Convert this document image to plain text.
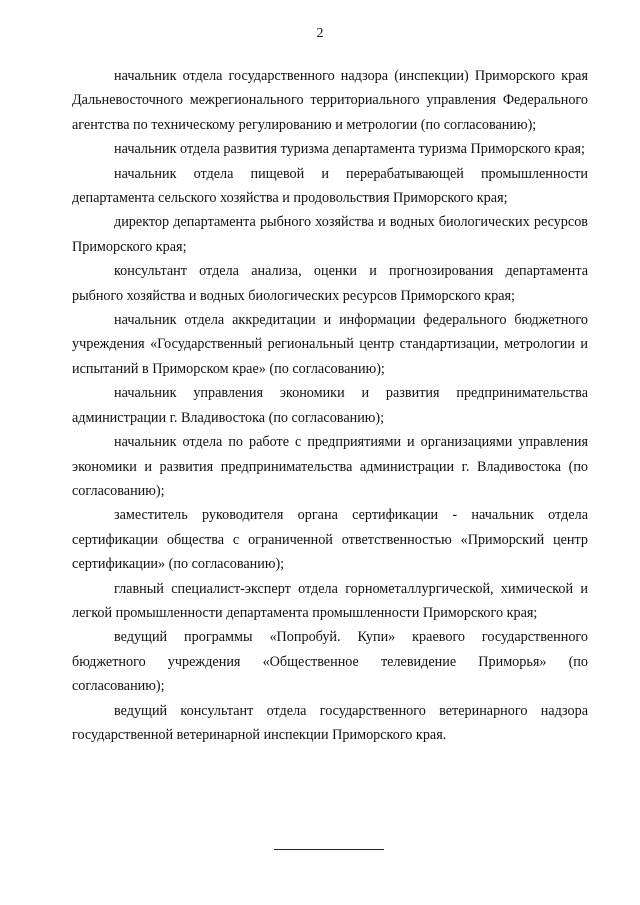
2

начальник отдела государственного надзора (инспекции) Приморского края Дальневосточного межрегионального территориального управления Федерального агентства по техническому регулированию и метрологии (по согласованию);

начальник отдела развития туризма департамента туризма Приморского края;

начальник отдела пищевой и перерабатывающей промышленности департамента сельского хозяйства и продовольствия Приморского края;

директор департамента рыбного хозяйства и водных биологических ресурсов Приморского края;

консультант отдела анализа, оценки и прогнозирования департамента рыбного хозяйства и водных биологических ресурсов Приморского края;

начальник отдела аккредитации и информации федерального бюджетного учреждения «Государственный региональный центр стандартизации, метрологии и испытаний в Приморском крае» (по согласованию);

начальник управления экономики и развития предпринимательства администрации г. Владивостока (по согласованию);

начальник отдела по работе с предприятиями и организациями управления экономики и развития предпринимательства администрации г. Владивостока (по согласованию);

заместитель руководителя органа сертификации - начальник отдела сертификации общества с ограниченной ответственностью «Приморский центр сертификации» (по согласованию);

главный специалист-эксперт отдела горнометаллургической, химической и легкой промышленности департамента промышленности Приморского края;

ведущий программы «Попробуй. Купи» краевого государственного бюджетного учреждения «Общественное телевидение Приморья» (по согласованию);

ведущий консультант отдела государственного ветеринарного надзора государственной ветеринарной инспекции Приморского края.
